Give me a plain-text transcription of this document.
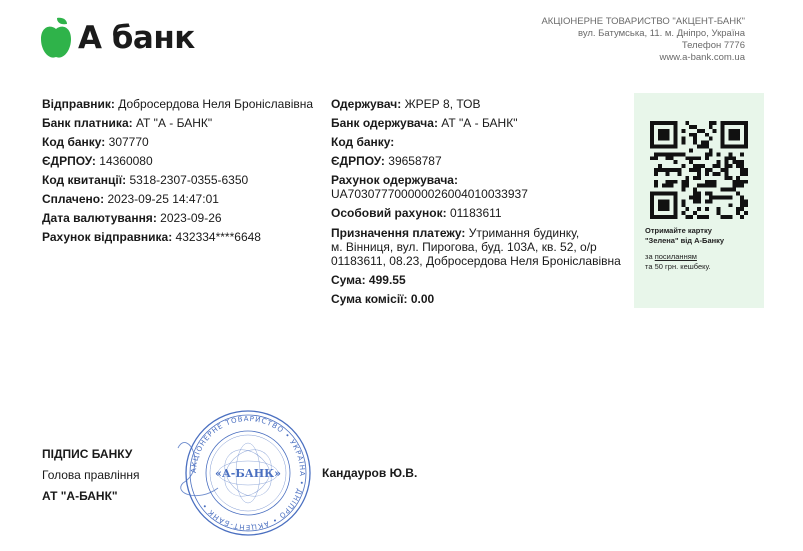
А банк	АКЦІОНЕРНЕ ТОВАРИСТВО "АКЦЕНТ-БАНК"
вул. Батумська, 11. м. Дніпро, Україна
Телефон 7776
www.a-bank.com.ua
Відправник: Добросердова Неля Броніславівна
Банк платника: АТ "А - БАНК"
Код банку: 307770
ЄДРПОУ: 14360080
Код квитанції: 5318-2307-0355-6350
Сплачено: 2023-09-25 14:47:01
Дата валютування: 2023-09-26
Рахунок відправника: 432334****6648
Одержувач: ЖРЕР 8, ТОВ
Банк одержувача: АТ "А - БАНК"
Код банку:
ЄДРПОУ: 39658787
Рахунок одержувача:
UA703077700000026004010033937
Особовий рахунок: 01183611
Призначення платежу: Утримання будинку,
м. Вінниця, вул. Пирогова, буд. 103А, кв. 52, о/р
01183611, 08.23, Добросердова Неля Броніславівна
Сума: 499.55
Сума комісії: 0.00
Отримайте картку
"Зелена" від А-Банку
за посиланням
та 50 грн. кешбеку.
ПІДПИС БАНКУ
Голова правління
АТ "А-БАНК"
АКЦІОНЕРНЕ ТОВАРИСТВО • УКРАЇНА • ДНІПРО • АКЦЕНТ-БАНК •
«А-БАНК»	Кандауров Ю.В.
